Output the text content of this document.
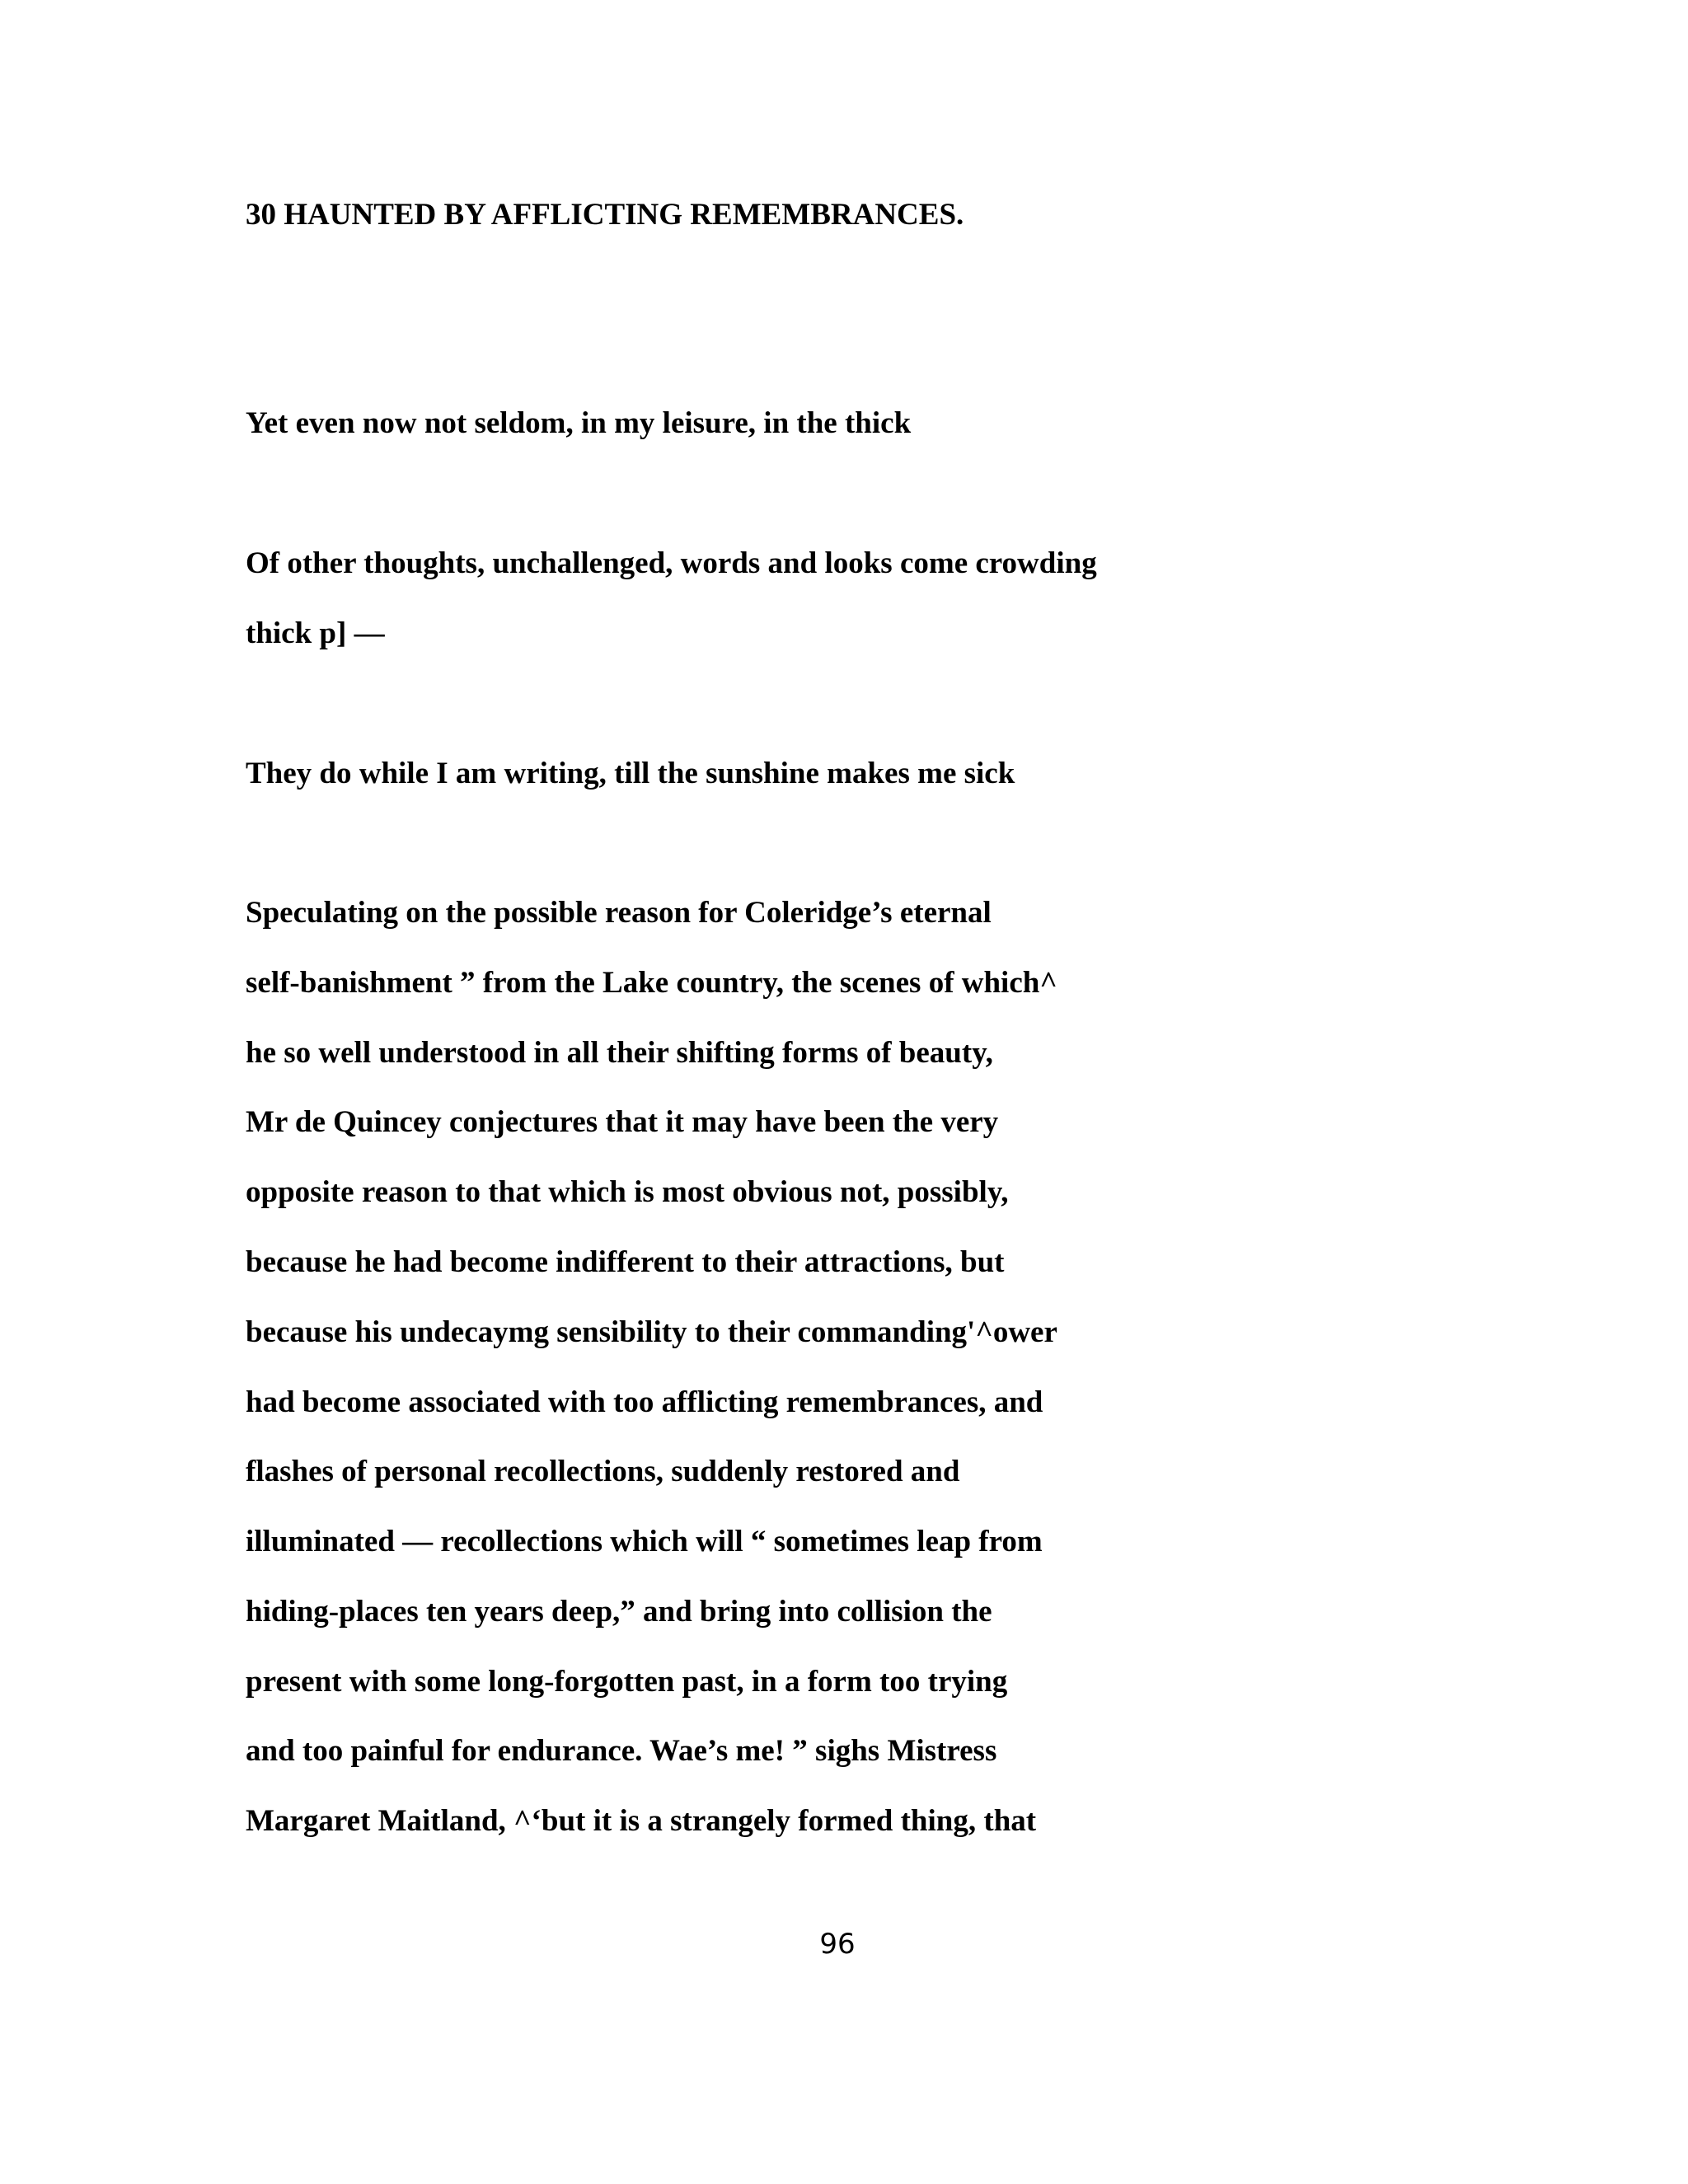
30 HAUNTED BY AFFLICTING REMEMBRANCES.

Yet even now not seldom, in my leisure, in the thick

Of other thoughts, unchallenged, words and looks come crowding

thick p] —

They do while I am writing, till the sunshine makes me sick

Speculating on the possible reason for Coleridge’s eternal

self-banishment ” from the Lake country, the scenes of which^

he so well understood in all their shifting forms of beauty,

Mr de Quincey conjectures that it may have been the very

opposite reason to that which is most obvious not, possibly,

because he had become indifferent to their attractions, but

because his undecaymg sensibility to their commanding'^ower

had become associated with too afflicting remembrances, and

flashes of personal recollections, suddenly restored and

illuminated — recollections which will “ sometimes leap from

hiding-places ten years deep,” and bring into collision the

present with some long-forgotten past, in a form too trying

and too painful for endurance. Wae’s me! ” sighs Mistress

Margaret Maitland, ^‘but it is a strangely formed thing, that

96
